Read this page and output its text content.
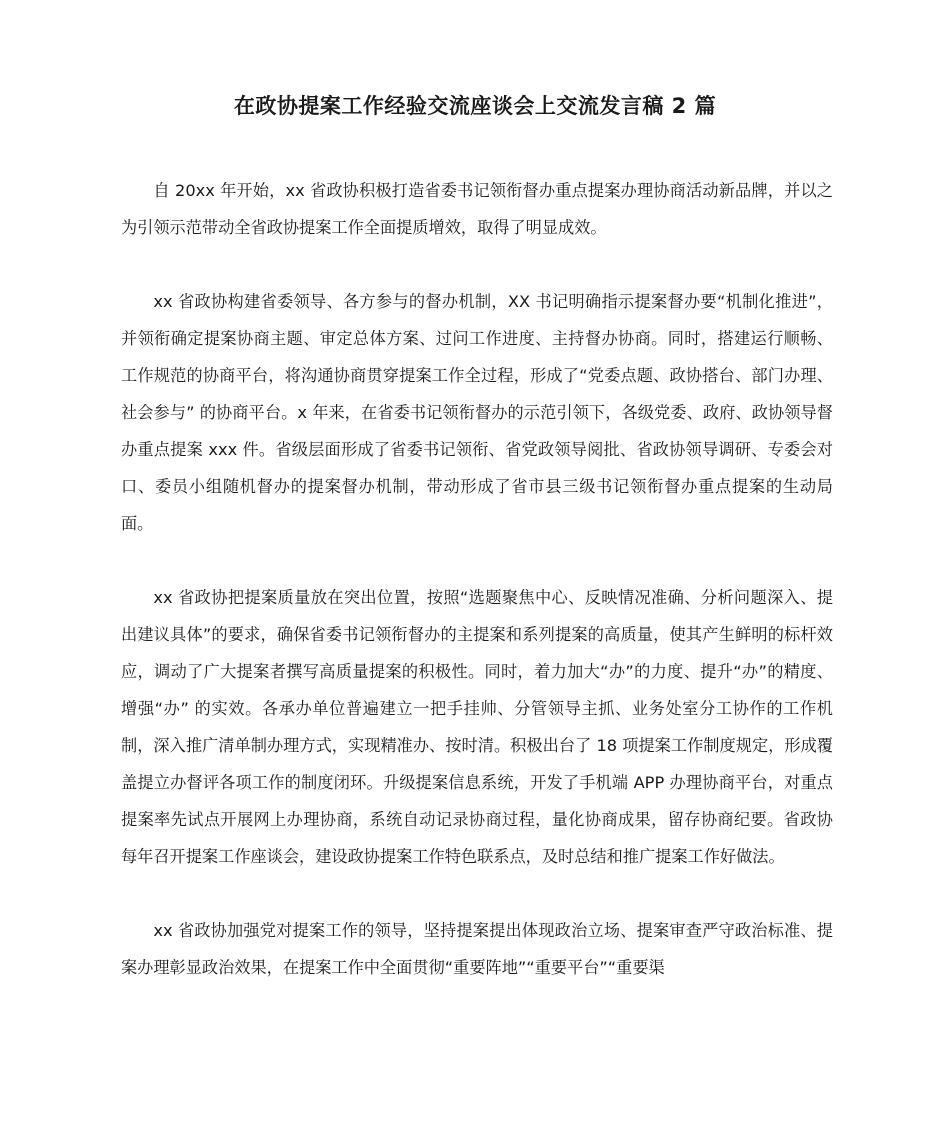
在政协提案工作经验交流座谈会上交流发言稿 2 篇

自 20xx 年开始，xx 省政协积极打造省委书记领衔督办重点提案办理协商活动新品牌，并以之为引领示范带动全省政协提案工作全面提质增效，取得了明显成效。

xx 省政协构建省委领导、各方参与的督办机制，XX 书记明确指示提案督办要“机制化推进”，并领衔确定提案协商主题、审定总体方案、过问工作进度、主持督办协商。同时，搭建运行顺畅、工作规范的协商平台，将沟通协商贯穿提案工作全过程，形成了“党委点题、政协搭台、部门办理、社会参与” 的协商平台。x 年来，在省委书记领衔督办的示范引领下，各级党委、政府、政协领导督办重点提案 xxx 件。省级层面形成了省委书记领衔、省党政领导阅批、省政协领导调研、专委会对口、委员小组随机督办的提案督办机制，带动形成了省市县三级书记领衔督办重点提案的生动局面。

xx 省政协把提案质量放在突出位置，按照“选题聚焦中心、反映情况准确、分析问题深入、提出建议具体”的要求，确保省委书记领衔督办的主提案和系列提案的高质量，使其产生鲜明的标杆效应，调动了广大提案者撰写高质量提案的积极性。同时，着力加大“办”的力度、提升“办”的精度、增强“办” 的实效。各承办单位普遍建立一把手挂帅、分管领导主抓、业务处室分工协作的工作机制，深入推广清单制办理方式，实现精准办、按时清。积极出台了 18 项提案工作制度规定，形成覆盖提立办督评各项工作的制度闭环。升级提案信息系统，开发了手机端 APP 办理协商平台，对重点提案率先试点开展网上办理协商，系统自动记录协商过程，量化协商成果，留存协商纪要。省政协每年召开提案工作座谈会，建设政协提案工作特色联系点，及时总结和推广提案工作好做法。

xx 省政协加强党对提案工作的领导，坚持提案提出体现政治立场、提案审查严守政治标准、提案办理彰显政治效果，在提案工作中全面贯彻“重要阵地”“重要平台”“重要渠
